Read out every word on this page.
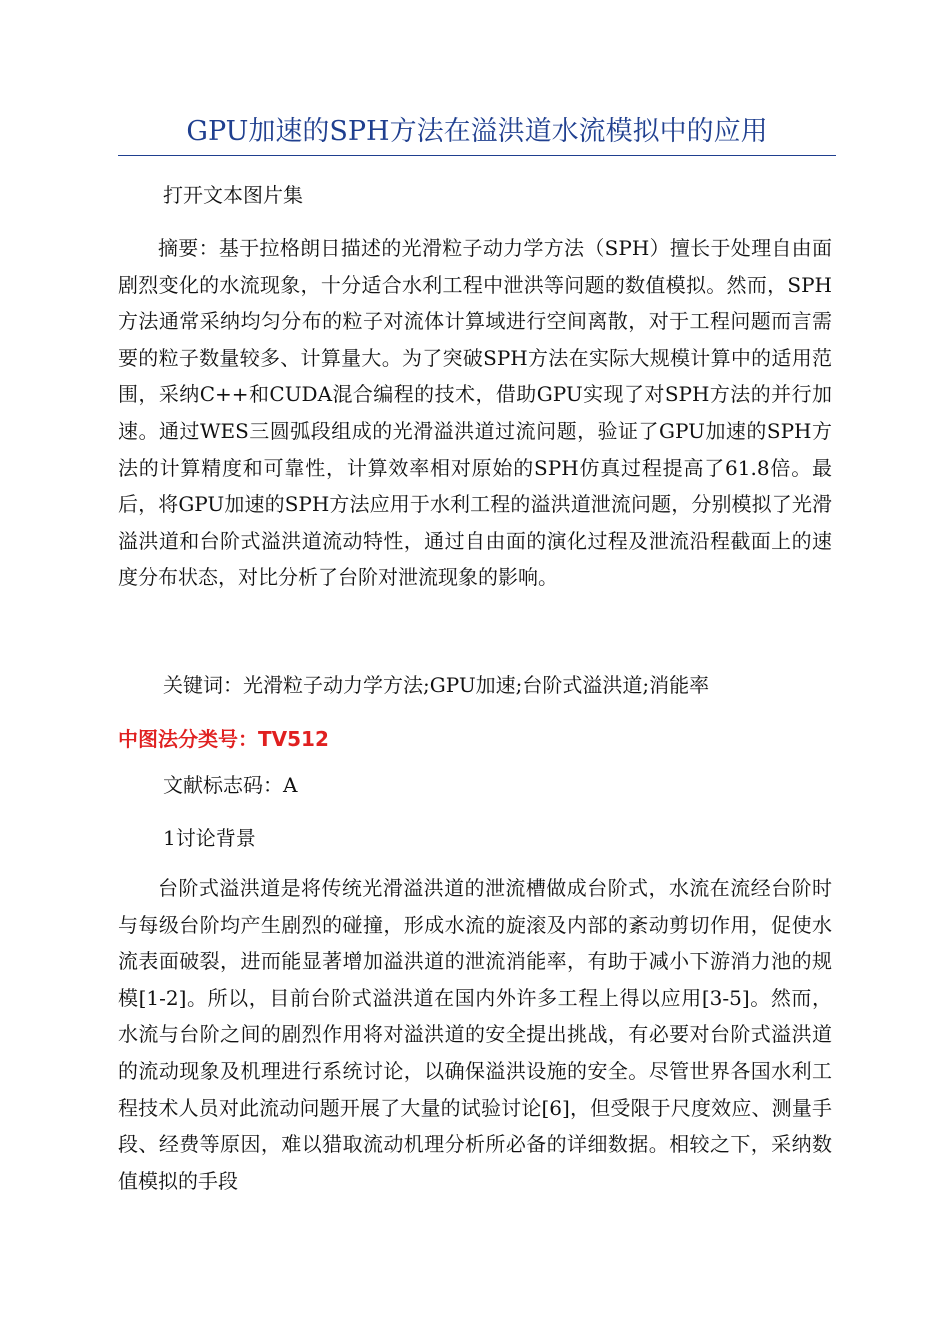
GPU加速的SPH方法在溢洪道水流模拟中的应用
打开文本图片集
摘要：基于拉格朗日描述的光滑粒子动力学方法（SPH）擅长于处理自由面剧烈变化的水流现象，十分适合水利工程中泄洪等问题的数值模拟。然而，SPH方法通常采纳均匀分布的粒子对流体计算域进行空间离散，对于工程问题而言需要的粒子数量较多、计算量大。为了突破SPH方法在实际大规模计算中的适用范围，采纳C++和CUDA混合编程的技术，借助GPU实现了对SPH方法的并行加速。通过WES三圆弧段组成的光滑溢洪道过流问题，验证了GPU加速的SPH方法的计算精度和可靠性，计算效率相对原始的SPH仿真过程提高了61.8倍。最后，将GPU加速的SPH方法应用于水利工程的溢洪道泄流问题，分别模拟了光滑溢洪道和台阶式溢洪道流动特性，通过自由面的演化过程及泄流沿程截面上的速度分布状态，对比分析了台阶对泄流现象的影响。
关键词：光滑粒子动力学方法;GPU加速;台阶式溢洪道;消能率
中图法分类号：TV512
文献标志码：A
1讨论背景
台阶式溢洪道是将传统光滑溢洪道的泄流槽做成台阶式，水流在流经台阶时与每级台阶均产生剧烈的碰撞，形成水流的旋滚及内部的紊动剪切作用，促使水流表面破裂，进而能显著增加溢洪道的泄流消能率，有助于减小下游消力池的规模[1-2]。所以，目前台阶式溢洪道在国内外许多工程上得以应用[3-5]。然而，水流与台阶之间的剧烈作用将对溢洪道的安全提出挑战，有必要对台阶式溢洪道的流动现象及机理进行系统讨论，以确保溢洪设施的安全。尽管世界各国水利工程技术人员对此流动问题开展了大量的试验讨论[6]，但受限于尺度效应、测量手段、经费等原因，难以猎取流动机理分析所必备的详细数据。相较之下，采纳数值模拟的手段
